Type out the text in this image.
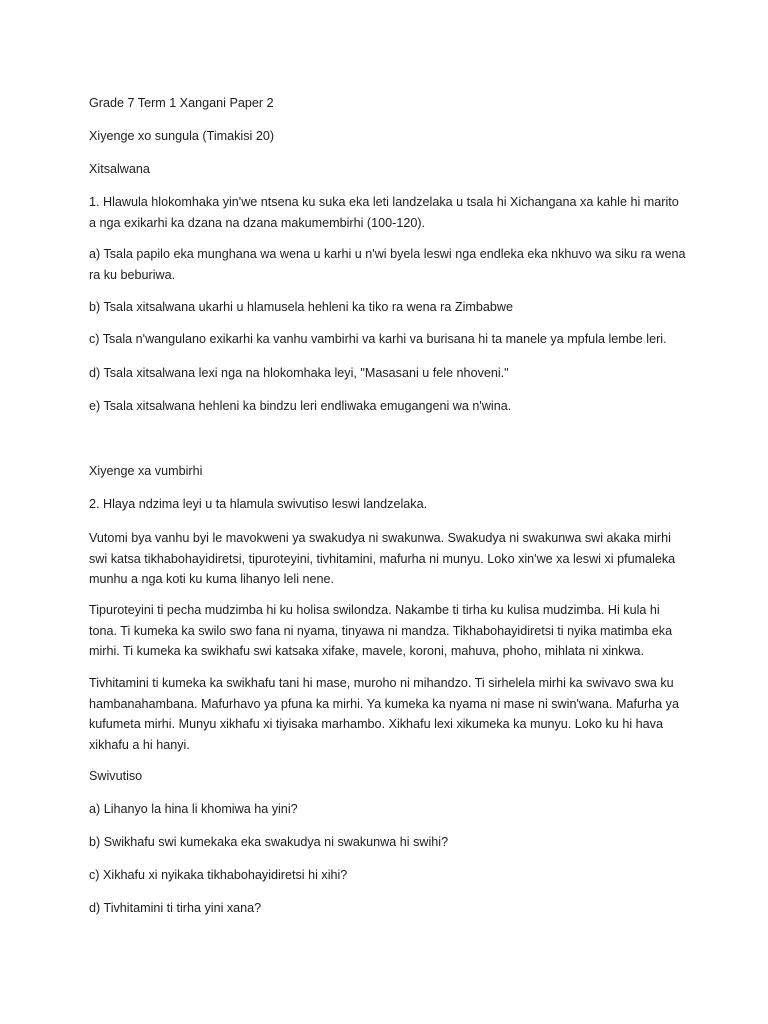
Grade 7 Term 1 Xangani Paper 2

Xiyenge xo sungula (Timakisi 20)

Xitsalwana

1. Hlawula hlokomhaka yin'we ntsena ku suka eka leti landzelaka u tsala hi Xichangana xa kahle hi marito a nga exikarhi ka dzana na dzana makumembirhi (100-120).

a) Tsala papilo eka munghana wa wena u karhi u n'wi byela leswi nga endleka eka nkhuvo wa siku ra wena ra ku beburiwa.

b) Tsala xitsalwana ukarhi u hlamusela hehleni ka tiko ra wena ra Zimbabwe

c) Tsala n'wangulano exikarhi ka vanhu vambirhi va karhi va burisana hi ta manele ya mpfula lembe leri.

d) Tsala xitsalwana lexi nga na hlokomhaka leyi, "Masasani u fele nhoveni."

e) Tsala xitsalwana hehleni ka bindzu leri endliwaka emugangeni wa n'wina.

Xiyenge xa vumbirhi

2. Hlaya ndzima leyi u ta hlamula swivutiso leswi landzelaka.

Vutomi bya vanhu byi le mavokweni ya swakudya ni swakunwa. Swakudya ni swakunwa swi akaka mirhi swi katsa tikhabohayidiretsi, tipuroteyini, tivhitamini, mafurha ni munyu. Loko xin'we xa leswi xi pfumaleka munhu a nga koti ku kuma lihanyo leli nene.

Tipuroteyini ti pecha mudzimba hi ku holisa swilondza. Nakambe ti tirha ku kulisa mudzimba. Hi kula hi tona. Ti kumeka ka swilo swo fana ni nyama, tinyawa ni mandza. Tikhabohayidiretsi ti nyika matimba eka mirhi. Ti kumeka ka swikhafu swi katsaka xifake, mavele, koroni, mahuva, phoho, mihlata ni xinkwa.

Tivhitamini ti kumeka ka swikhafu tani hi mase, muroho ni mihandzo. Ti sirhelela mirhi ka swivavo swa ku hambanahambana. Mafurhavo ya pfuna ka mirhi. Ya kumeka ka nyama ni mase ni swin'wana. Mafurha ya kufumeta mirhi. Munyu xikhafu xi tiyisaka marhambo. Xikhafu lexi xikumeka ka munyu. Loko ku hi hava xikhafu a hi hanyi.

Swivutiso

a) Lihanyo la hina li khomiwa ha yini?

b) Swikhafu swi kumekaka eka swakudya ni swakunwa hi swihi?

c) Xikhafu xi nyikaka tikhabohayidiretsi hi xihi?

d) Tivhitamini ti tirha yini xana?
